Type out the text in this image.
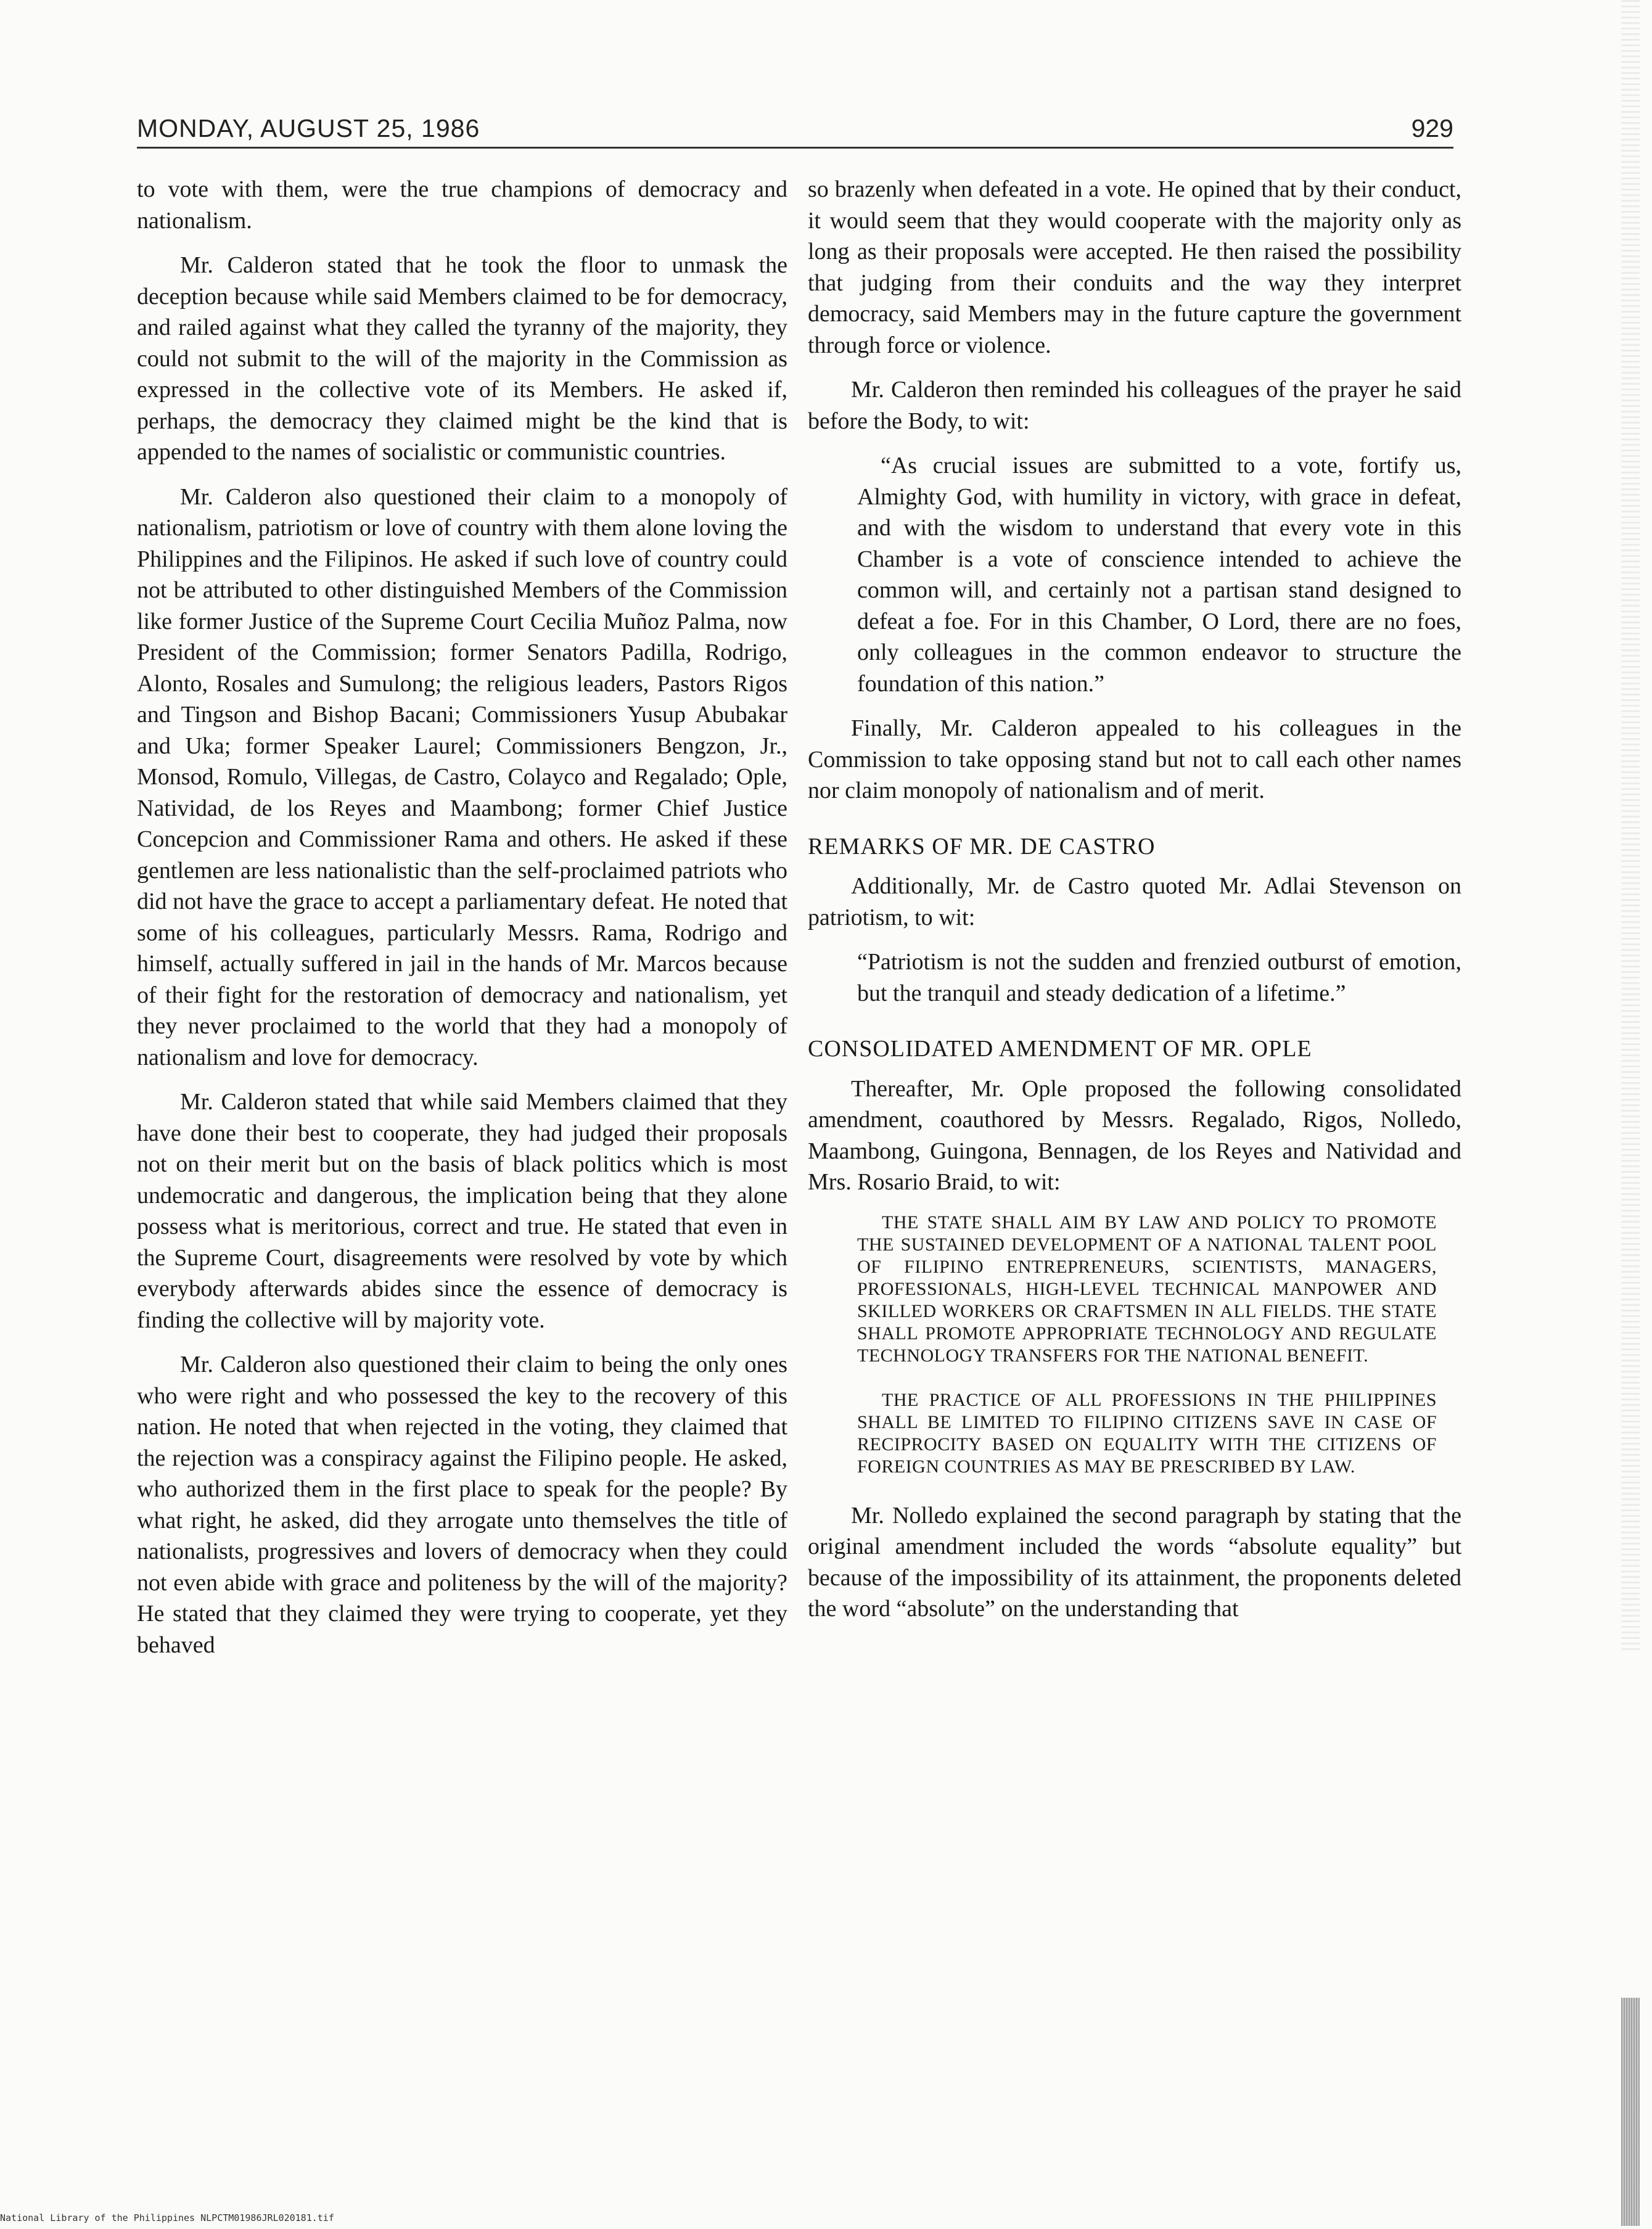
MONDAY, AUGUST 25, 1986	929

to vote with them, were the true champions of democracy and nationalism.

Mr. Calderon stated that he took the floor to unmask the deception because while said Members claimed to be for democracy, and railed against what they called the tyranny of the majority, they could not submit to the will of the majority in the Commission as expressed in the collective vote of its Members. He asked if, perhaps, the democracy they claimed might be the kind that is appended to the names of socialistic or communistic countries.

Mr. Calderon also questioned their claim to a monopoly of nationalism, patriotism or love of country with them alone loving the Philippines and the Filipinos. He asked if such love of country could not be attributed to other distinguished Members of the Commission like former Justice of the Supreme Court Cecilia Muñoz Palma, now President of the Commission; former Senators Padilla, Rodrigo, Alonto, Rosales and Sumulong; the religious leaders, Pastors Rigos and Tingson and Bishop Bacani; Commissioners Yusup Abubakar and Uka; former Speaker Laurel; Commissioners Bengzon, Jr., Monsod, Romulo, Villegas, de Castro, Colayco and Regalado; Ople, Natividad, de los Reyes and Maambong; former Chief Justice Concepcion and Commissioner Rama and others. He asked if these gentlemen are less nationalistic than the self-proclaimed patriots who did not have the grace to accept a parliamentary defeat. He noted that some of his colleagues, particularly Messrs. Rama, Rodrigo and himself, actually suffered in jail in the hands of Mr. Marcos because of their fight for the restoration of democracy and nationalism, yet they never proclaimed to the world that they had a monopoly of nationalism and love for democracy.

Mr. Calderon stated that while said Members claimed that they have done their best to cooperate, they had judged their proposals not on their merit but on the basis of black politics which is most undemocratic and dangerous, the implication being that they alone possess what is meritorious, correct and true. He stated that even in the Supreme Court, disagreements were resolved by vote by which everybody afterwards abides since the essence of democracy is finding the collective will by majority vote.

Mr. Calderon also questioned their claim to being the only ones who were right and who possessed the key to the recovery of this nation. He noted that when rejected in the voting, they claimed that the rejection was a conspiracy against the Filipino people. He asked, who authorized them in the first place to speak for the people? By what right, he asked, did they arrogate unto themselves the title of nationalists, progressives and lovers of democracy when they could not even abide with grace and politeness by the will of the majority? He stated that they claimed they were trying to cooperate, yet they behaved

so brazenly when defeated in a vote. He opined that by their conduct, it would seem that they would cooperate with the majority only as long as their proposals were accepted. He then raised the possibility that judging from their conduits and the way they interpret democracy, said Members may in the future capture the government through force or violence.

Mr. Calderon then reminded his colleagues of the prayer he said before the Body, to wit:

“As crucial issues are submitted to a vote, fortify us, Almighty God, with humility in victory, with grace in defeat, and with the wisdom to understand that every vote in this Chamber is a vote of conscience intended to achieve the common will, and certainly not a partisan stand designed to defeat a foe. For in this Chamber, O Lord, there are no foes, only colleagues in the common endeavor to structure the foundation of this nation.”

Finally, Mr. Calderon appealed to his colleagues in the Commission to take opposing stand but not to call each other names nor claim monopoly of nationalism and of merit.

REMARKS OF MR. DE CASTRO

Additionally, Mr. de Castro quoted Mr. Adlai Stevenson on patriotism, to wit:

“Patriotism is not the sudden and frenzied outburst of emotion, but the tranquil and steady dedication of a lifetime.”

CONSOLIDATED AMENDMENT OF MR. OPLE

Thereafter, Mr. Ople proposed the following consolidated amendment, coauthored by Messrs. Regalado, Rigos, Nolledo, Maambong, Guingona, Bennagen, de los Reyes and Natividad and Mrs. Rosario Braid, to wit:

THE STATE SHALL AIM BY LAW AND POLICY TO PROMOTE THE SUSTAINED DEVELOPMENT OF A NATIONAL TALENT POOL OF FILIPINO ENTREPRENEURS, SCIENTISTS, MANAGERS, PROFESSIONALS, HIGH-LEVEL TECHNICAL MANPOWER AND SKILLED WORKERS OR CRAFTSMEN IN ALL FIELDS. THE STATE SHALL PROMOTE APPROPRIATE TECHNOLOGY AND REGULATE TECHNOLOGY TRANSFERS FOR THE NATIONAL BENEFIT.

THE PRACTICE OF ALL PROFESSIONS IN THE PHILIPPINES SHALL BE LIMITED TO FILIPINO CITIZENS SAVE IN CASE OF RECIPROCITY BASED ON EQUALITY WITH THE CITIZENS OF FOREIGN COUNTRIES AS MAY BE PRESCRIBED BY LAW.

Mr. Nolledo explained the second paragraph by stating that the original amendment included the words “absolute equality” but because of the impossibility of its attainment, the proponents deleted the word “absolute” on the understanding that

National Library of the Philippines NLPCTM01986JRL020181.tif
